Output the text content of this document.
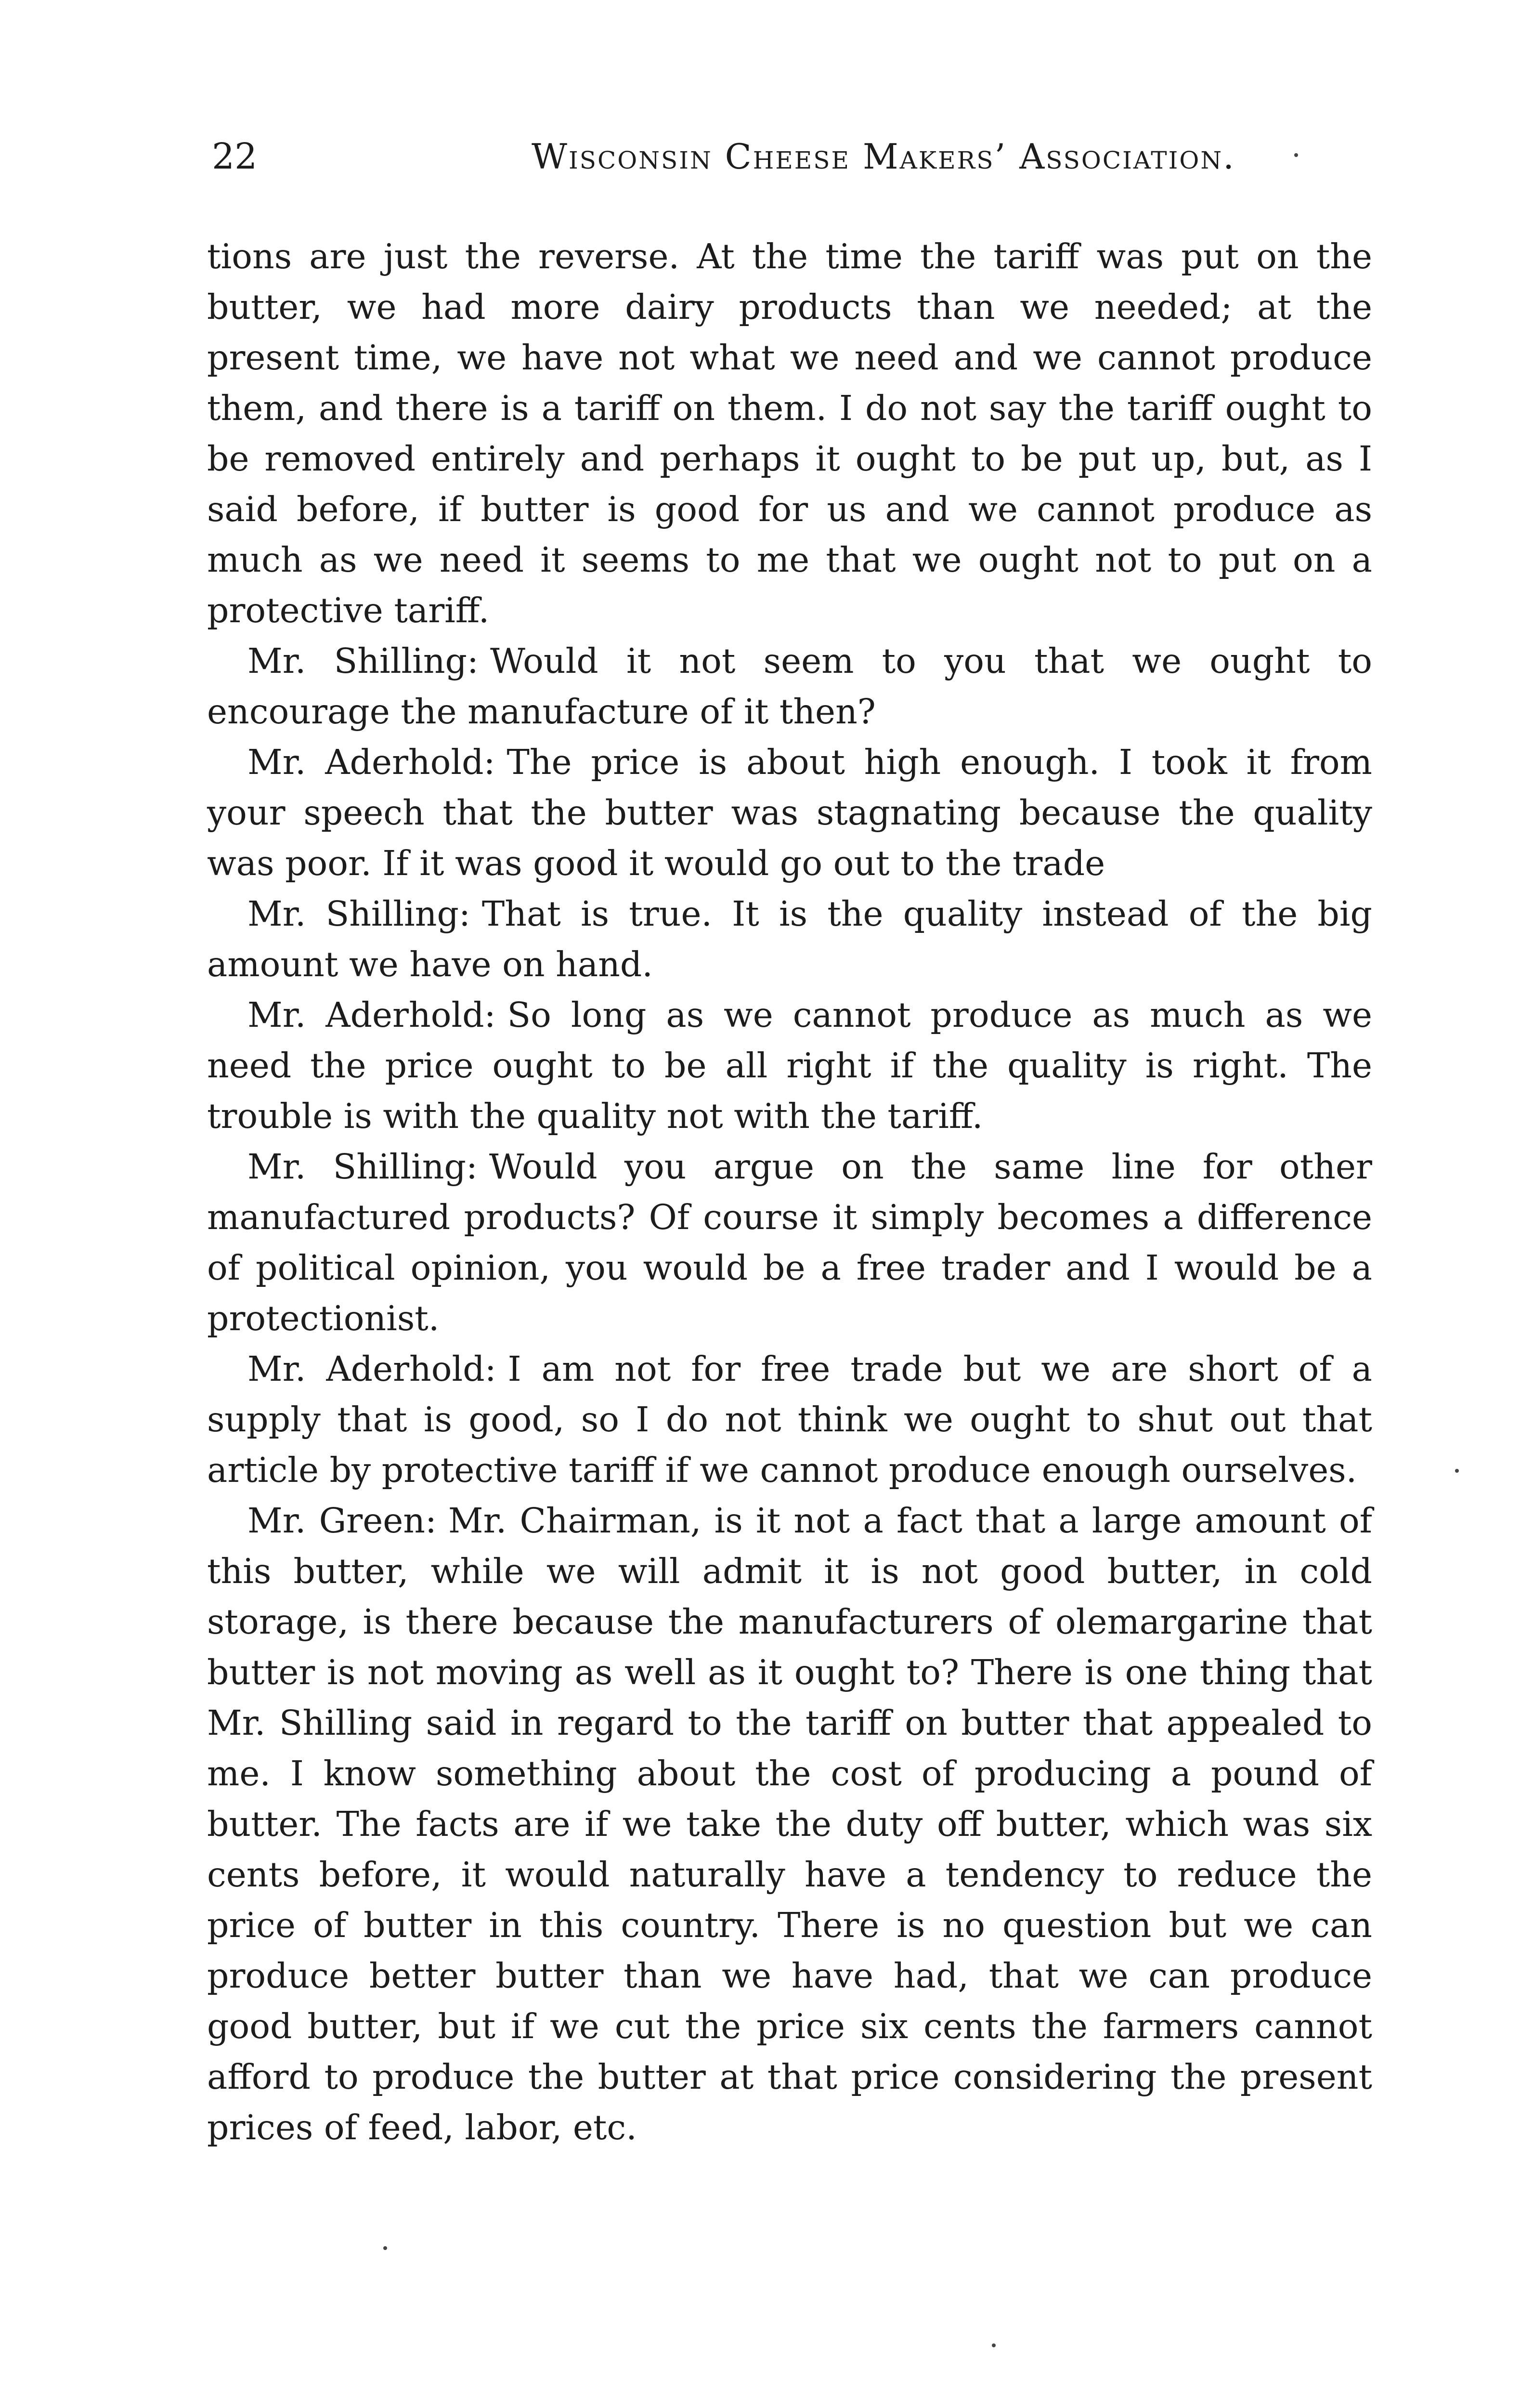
22	Wisconsin Cheese Makers’ Association.

tions are just the reverse. At the time the tariff was put on the butter, we had more dairy products than we needed; at the present time, we have not what we need and we cannot produce them, and there is a tariff on them. I do not say the tariff ought to be removed entirely and perhaps it ought to be put up, but, as I said before, if butter is good for us and we cannot produce as much as we need it seems to me that we ought not to put on a protective tariff.

Mr. Shilling: Would it not seem to you that we ought to encourage the manufacture of it then?

Mr. Aderhold: The price is about high enough. I took it from your speech that the butter was stagnating because the quality was poor. If it was good it would go out to the trade

Mr. Shilling: That is true. It is the quality instead of the big amount we have on hand.

Mr. Aderhold: So long as we cannot produce as much as we need the price ought to be all right if the quality is right. The trouble is with the quality not with the tariff.

Mr. Shilling: Would you argue on the same line for other manufactured products? Of course it simply becomes a difference of political opinion, you would be a free trader and I would be a protectionist.

Mr. Aderhold: I am not for free trade but we are short of a supply that is good, so I do not think we ought to shut out that article by protective tariff if we cannot produce enough ourselves.

Mr. Green: Mr. Chairman, is it not a fact that a large amount of this butter, while we will admit it is not good butter, in cold storage, is there because the manufacturers of olemargarine that butter is not moving as well as it ought to? There is one thing that Mr. Shilling said in regard to the tariff on butter that appealed to me. I know something about the cost of producing a pound of butter. The facts are if we take the duty off butter, which was six cents before, it would naturally have a tendency to reduce the price of butter in this country. There is no question but we can produce better butter than we have had, that we can produce good butter, but if we cut the price six cents the farmers cannot afford to produce the butter at that price considering the present prices of feed, labor, etc.
